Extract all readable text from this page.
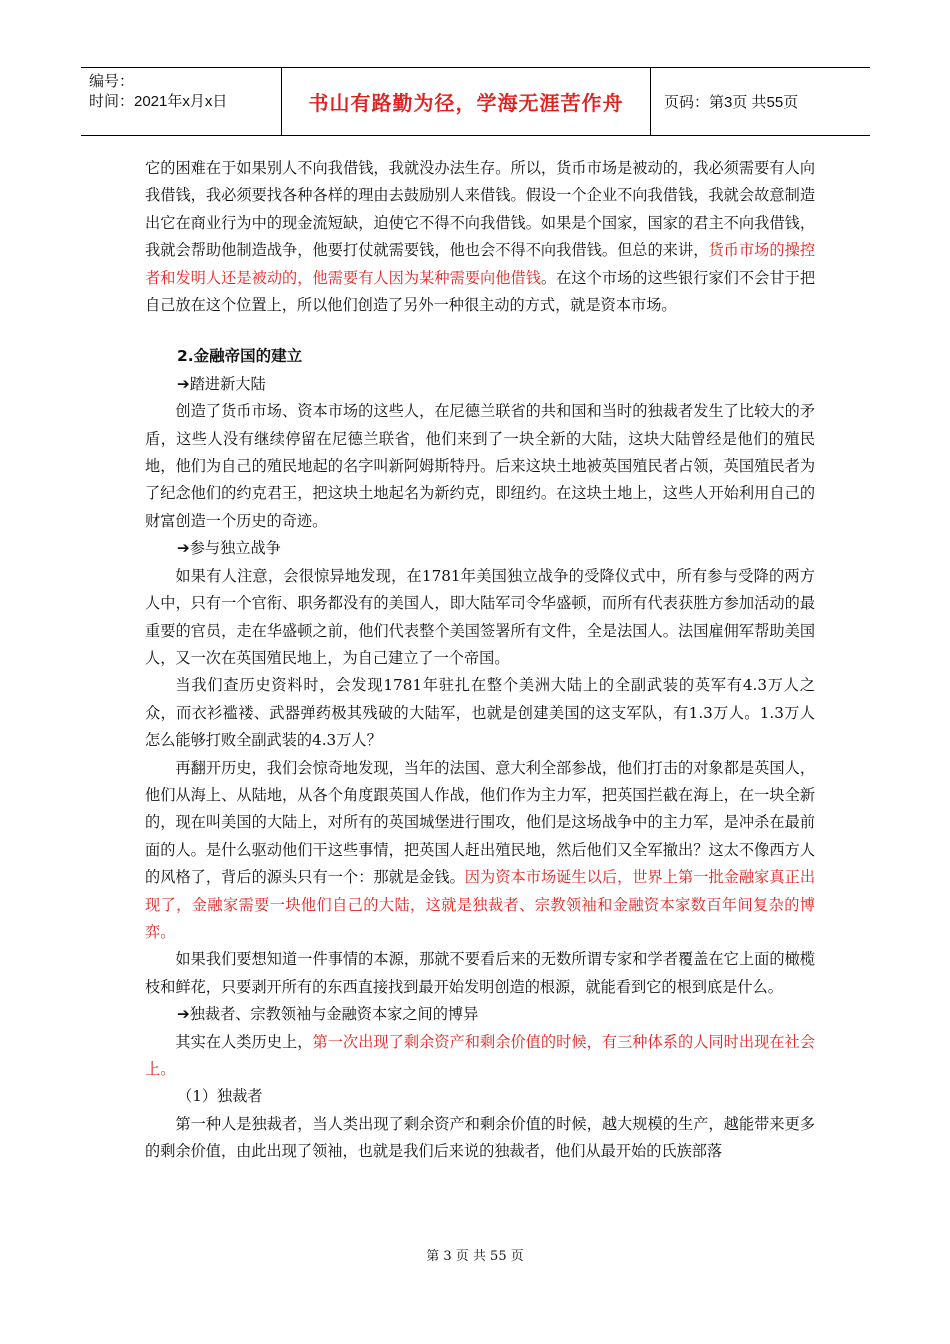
编号：
时间：2021年x月x日	书山有路勤为径，学海无涯苦作舟	页码：第3页 共55页

它的困难在于如果别人不向我借钱，我就没办法生存。所以，货币市场是被动的，我必须需要有人向我借钱，我必须要找各种各样的理由去鼓励别人来借钱。假设一个企业不向我借钱，我就会故意制造出它在商业行为中的现金流短缺，迫使它不得不向我借钱。如果是个国家，国家的君主不向我借钱，我就会帮助他制造战争，他要打仗就需要钱，他也会不得不向我借钱。但总的来讲，货币市场的操控者和发明人还是被动的，他需要有人因为某种需要向他借钱。在这个市场的这些银行家们不会甘于把自己放在这个位置上，所以他们创造了另外一种很主动的方式，就是资本市场。

2.金融帝国的建立

➔踏进新大陆

创造了货币市场、资本市场的这些人，在尼德兰联省的共和国和当时的独裁者发生了比较大的矛盾，这些人没有继续停留在尼德兰联省，他们来到了一块全新的大陆，这块大陆曾经是他们的殖民地，他们为自己的殖民地起的名字叫新阿姆斯特丹。后来这块土地被英国殖民者占领，英国殖民者为了纪念他们的约克君王，把这块土地起名为新约克，即纽约。在这块土地上，这些人开始利用自己的财富创造一个历史的奇迹。

➔参与独立战争

如果有人注意，会很惊异地发现，在1781年美国独立战争的受降仪式中，所有参与受降的两方人中，只有一个官衔、职务都没有的美国人，即大陆军司令华盛顿，而所有代表获胜方参加活动的最重要的官员，走在华盛顿之前，他们代表整个美国签署所有文件，全是法国人。法国雇佣军帮助美国人，又一次在英国殖民地上，为自己建立了一个帝国。

当我们查历史资料时，会发现1781年驻扎在整个美洲大陆上的全副武装的英军有4.3万人之众，而衣衫褴褛、武器弹药极其残破的大陆军，也就是创建美国的这支军队，有1.3万人。1.3万人怎么能够打败全副武装的4.3万人？

再翻开历史，我们会惊奇地发现，当年的法国、意大利全部参战，他们打击的对象都是英国人，他们从海上、从陆地，从各个角度跟英国人作战，他们作为主力军，把英国拦截在海上，在一块全新的，现在叫美国的大陆上，对所有的英国城堡进行围攻，他们是这场战争中的主力军，是冲杀在最前面的人。是什么驱动他们干这些事情，把英国人赶出殖民地，然后他们又全军撤出？这太不像西方人的风格了，背后的源头只有一个：那就是金钱。因为资本市场诞生以后，世界上第一批金融家真正出现了，金融家需要一块他们自己的大陆，这就是独裁者、宗教领袖和金融资本家数百年间复杂的博弈。

如果我们要想知道一件事情的本源，那就不要看后来的无数所谓专家和学者覆盖在它上面的橄榄枝和鲜花，只要剥开所有的东西直接找到最开始发明创造的根源，就能看到它的根到底是什么。

➔独裁者、宗教领袖与金融资本家之间的博异

其实在人类历史上，第一次出现了剩余资产和剩余价值的时候，有三种体系的人同时出现在社会上。

（1）独裁者

第一种人是独裁者，当人类出现了剩余资产和剩余价值的时候，越大规模的生产，越能带来更多的剩余价值，由此出现了领袖，也就是我们后来说的独裁者，他们从最开始的氏族部落

第 3 页 共 55 页
